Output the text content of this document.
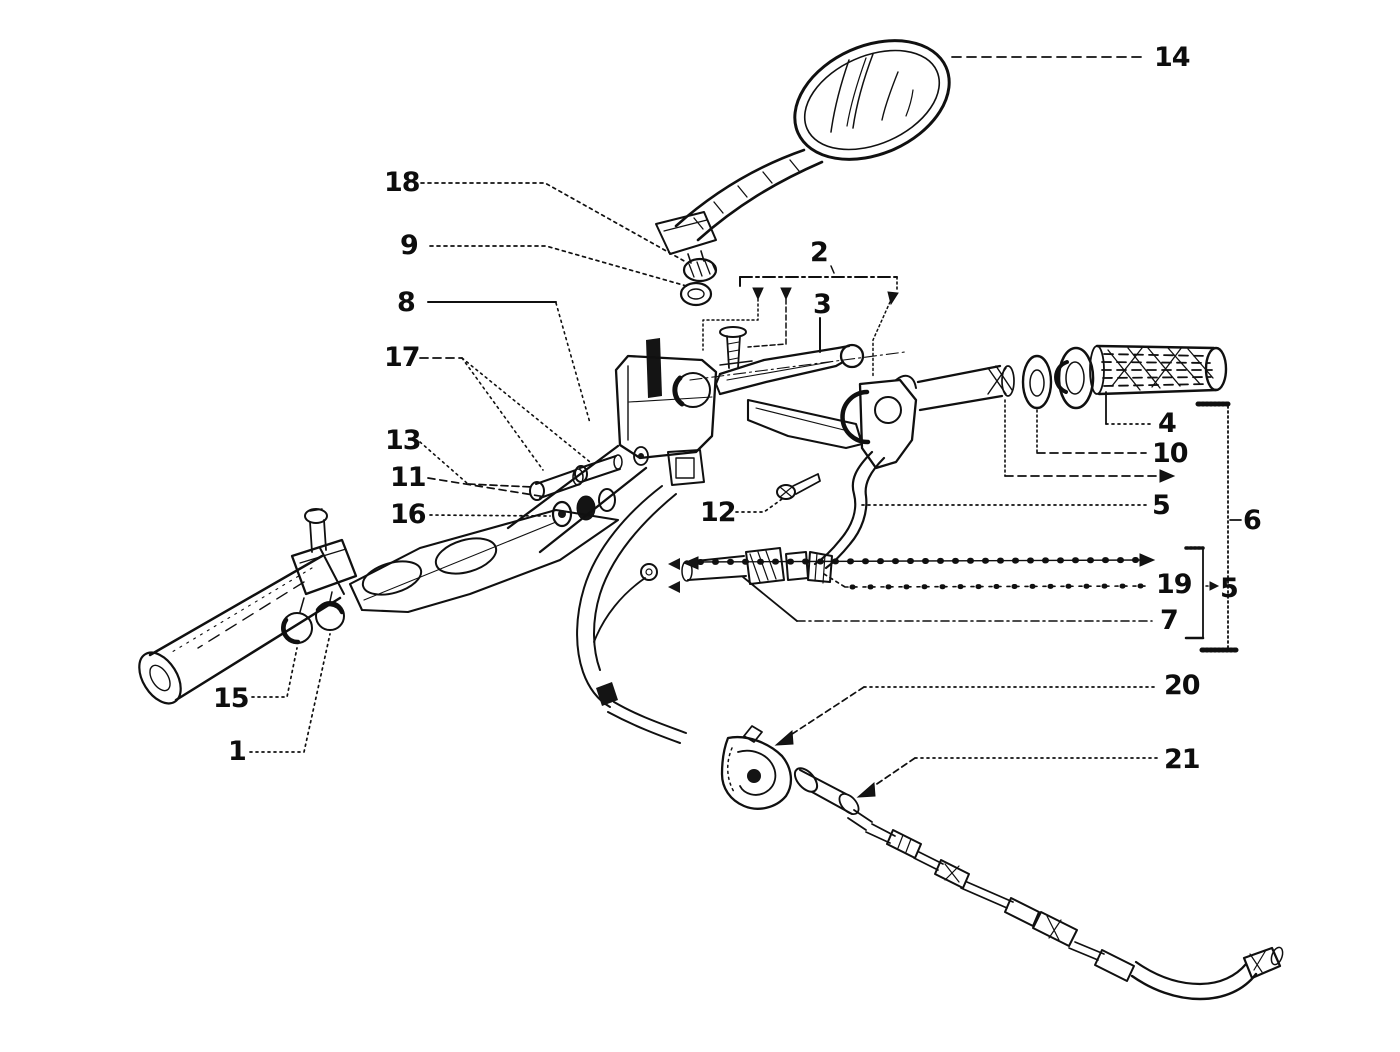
1
2
3
4
5
5
6
7
8
9
10
11
12
13
14
15
16
17
18
19
20
21
